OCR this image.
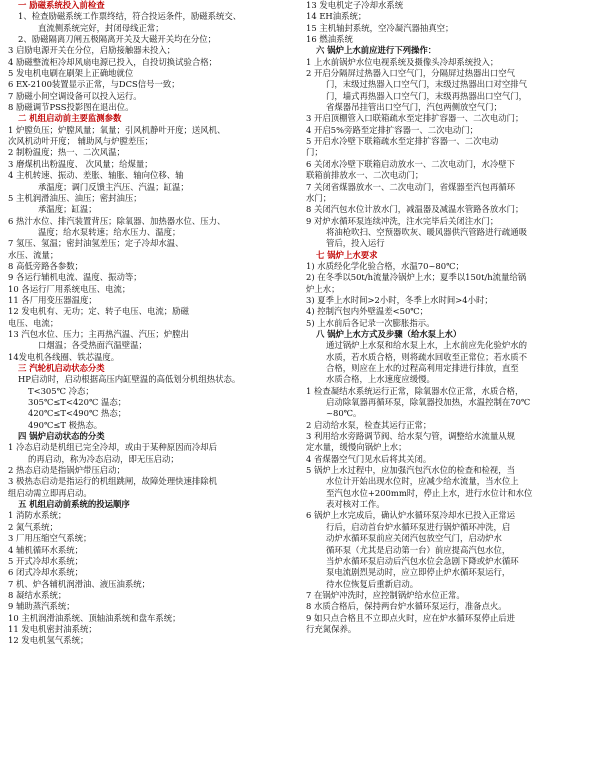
一 励磁系统投入前检查
1、检查励磁系统工作票终结，符合投运条件，励磁系统交、
直流侧系统完好，封闭母线正常；
2、励磁隔离刀闸五极隔离开关及大磁开关均在分位；
3 启励电源开关在分位，启励接触器未投入；
4 励磁整流柜冷却风扇电源已投入，自投切换试验合格；
5 发电机电刷在刷架上正确地就位
6 EX-2100装置显示正常，与DCS信号一致；
7 励磁小间空调设备可以投入运行。
8 励磁调节PSS投影图在退出位。
二 机组启动前主要监测参数
1 炉膛负压；炉膛风量；氧量；引风机静叶开度；送风机、
次风机动叶开度； 辅助风与炉膛差压；
2 制粉温度；热一、二次风温；
3 磨煤机出粉温度、 次风量；给煤量；
4 主机转速、振动、差胀、轴胀、轴向位移、轴
承温度；调门反馈主汽压、汽温；缸温；
5 主机润滑油压、油压；密封油压；
承温度；缸温；
6 热汁水位、排汽装置背压；除氧器、加热器水位、压力、
温度；给水泵转速；给水压力、温度；
7 氢压、氢温；密封油氢差压；定子冷却水温、
水压、流量；
8 高低旁路各参数；
9 各运行辅机电流、温度、振动等；
10 各运行厂用系统电压、电流；
11 各厂用变压器温度；
12 发电机有、无功；定、转子电压、电流；励磁
电压、电流；
13 汽包水位、压力；主再热汽温、汽压；炉膛出
口烟温；各受热面汽温壁温；
14发电机各线圈、铁芯温度。
三 汽轮机启动状态分类
HP启动时，启动根据高压内缸壁温的高低划分机组热状态。
T<305℃ 冷态；
305℃≤T<420℃ 温态；
420℃≤T<490℃ 热态；
490℃≤T 极热态。
四 锅炉启动状态的分类
1 冷态启动是机组已完全冷却，或由于某种原因而冷却后
的再启动，称为冷态启动，即无压启动；
2 热态启动是指锅炉带压启动；
3 极热态启动是指运行的机组跳闸，故障处理快速排除机
组启动需立即再启动。
五 机组启动前系统的投运顺序
1 消防水系统；
2 氮气系统；
3 厂用压缩空气系统；
4 辅机循环水系统；
5 开式冷却水系统；
6 闭式冷却水系统；
7 机、炉各辅机润滑油、液压油系统；
8 凝结水系统；
9 辅助蒸汽系统；
10 主机润滑油系统、顶轴油系统和盘车系统；
11 发电机密封油系统；
12 发电机氢气系统；
13 发电机定子冷却水系统
14 EH油系统；
15 主机轴封系统，空冷凝汽器抽真空；
16 燃油系统
六 锅炉上水前应进行下列操作：
1 上水前锅炉水位电视系统及摄像头冷却系统投入；
2 开启分隔屏过热器入口空气门，分隔屏过热器出口空气
门，末级过热器入口空气门，末级过热器出口对空排气
门，墙式再热器入口空气门，末级再热器出口空气门，
省煤器吊挂管出口空气门，汽包两侧放空气门；
3 开启顶棚管入口联箱疏水至定排扩容器一、二次电动门；
4 开启5%旁路至定排扩容器一、二次电动门；
5 开启水冷壁下联箱疏水至定排扩容器一、二次电动
门；
6 关闭水冷壁下联箱启动放水一、二次电动门，水冷壁下
联箱前排放水一、二次电动门；
7 关闭省煤器放水一、二次电动门，省煤器至汽包再循环
水门；
8 关闭汽包水位计放水门，减温器及减温水管路各放水门；
9 对炉水循环泵连续冲洗，注水完毕后关闭注水门；
将油枪吹扫、空预器吹灰、暖风器供汽管路进行疏通吸
管后，投入运行
七 锅炉上水要求
1) 水质经化学化验合格，水温70~80℃；
2) 在冬季以50t/h流量冷锅炉上水；夏季以150t/h流量给锅
炉上水；
3) 夏季上水时间>2小时，冬季上水时间>4小时；
4) 控制汽包内外壁温差<50℃；
5) 上水前后各记录一次膨胀指示。
八 锅炉上水方式及步骤（给水泵上水）
通过锅炉上水泵和给水泵上水，上水前应先化验炉水的
水质，若水质合格，则将疏水回收至正常位；若水质不
合格，则应在上水的过程高利用定排进行排放，直至
水质合格，上水速度应缓慢。
1 检查凝结水系统运行正常，除氧器水位正常，水质合格，
启动除氧器再循环泵，除氧器投加热，水温控制在70℃
~80℃。
2 启动给水泵，检查其运行正常；
3 利用给水旁路调节阀、给水泵勺管，调整给水流量从规
定水量，缓慢向锅炉上水；
4 省煤器空气门见水后将其关闭。
5 锅炉上水过程中，应加强汽包汽水位的检查和检视，当
水位计开始出现水位时，应减少给水流量，当水位上
至汽包水位+200mm时，停止上水，进行水位计和水位
表对核对工作。
6 锅炉上水完成后，确认炉水循环泵冷却水已投入正常运
行后，启动首台炉水循环泵进行锅炉循环冲洗，启
动炉水循环泵前应关闭汽包放空气门，启动炉水
循环泵（尤其是启动第一台）前应提高汽包水位，
当炉水循环泵启动后汽包水位会急剧下降或炉水循环
泵电流剧烈晃动时，应立即停止炉水循环泵运行，
待水位恢复后重新启动。
7 在锅炉冲洗时，应控制锅炉给水位正常。
8 水质合格后，保持两台炉水循环泵运行，准备点火。
9 如只点合格且不立即点火时，应在炉水循环泵停止后进
行充氮保养。
